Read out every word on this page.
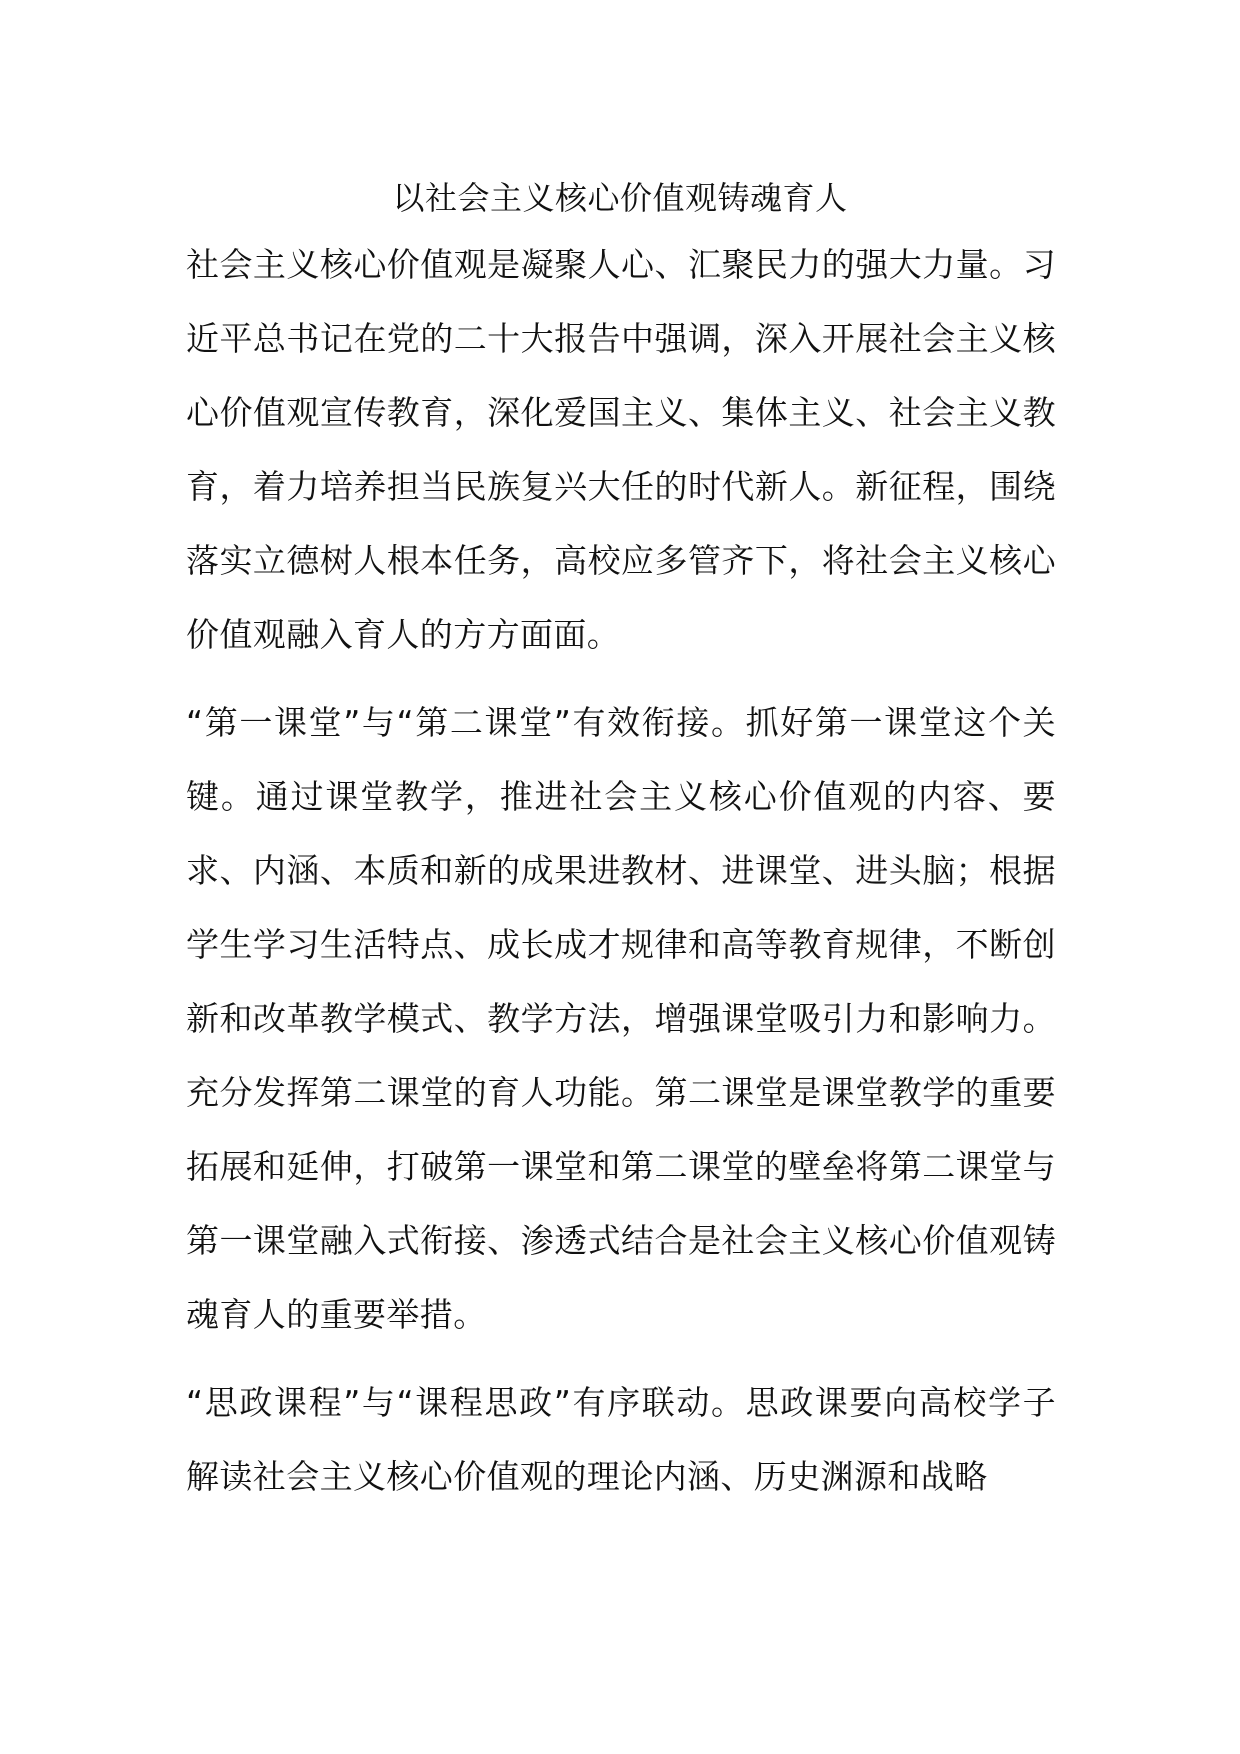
以社会主义核心价值观铸魂育人

社会主义核心价值观是凝聚人心、汇聚民力的强大力量。习近平总书记在党的二十大报告中强调，深入开展社会主义核心价值观宣传教育，深化爱国主义、集体主义、社会主义教育，着力培养担当民族复兴大任的时代新人。新征程，围绕落实立德树人根本任务，高校应多管齐下，将社会主义核心价值观融入育人的方方面面。

“第一课堂”与“第二课堂”有效衔接。抓好第一课堂这个关键。通过课堂教学，推进社会主义核心价值观的内容、要求、内涵、本质和新的成果进教材、进课堂、进头脑；根据学生学习生活特点、成长成才规律和高等教育规律，不断创新和改革教学模式、教学方法，增强课堂吸引力和影响力。充分发挥第二课堂的育人功能。第二课堂是课堂教学的重要拓展和延伸，打破第一课堂和第二课堂的壁垒将第二课堂与第一课堂融入式衔接、渗透式结合是社会主义核心价值观铸魂育人的重要举措。

“思政课程”与“课程思政”有序联动。思政课要向高校学子解读社会主义核心价值观的理论内涵、历史渊源和战略
